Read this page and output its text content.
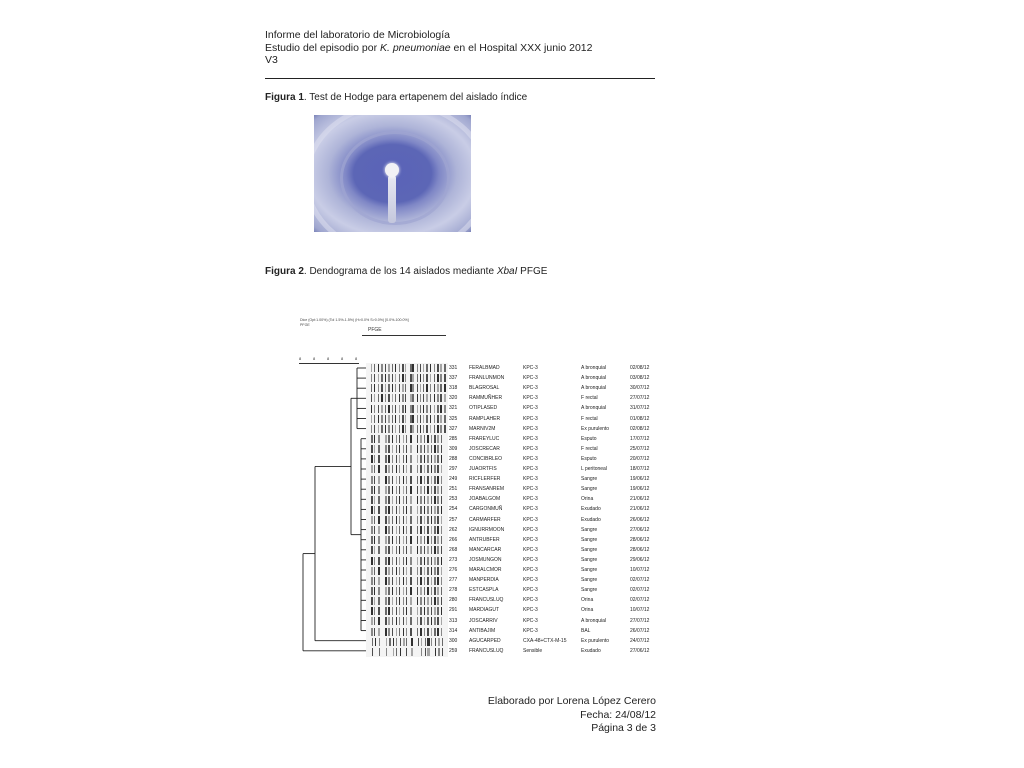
Informe del laboratorio de Microbiología
Estudio del episodio por K. pneumoniae en el Hospital XXX junio 2012
V3
Figura 1. Test de Hodge para ertapenem del aislado índice
Figura 2. Dendograma de los 14 aislados mediante XbaI PFGE
Dice (Opt:1.00%) (Tol 1.5%-1.5%) (H>0.0% S>0.0%) [0.0%-100.0%]
PFGE
PFGE
8	8	8	8	8
331 FERALBMAD	KPC-3	A bronquial	02/08/12
337 FRANLUNMON	KPC-3	A bronquial	03/08/12
318 BLAGROSAL	KPC-3	A bronquial	30/07/12
320 RAMMUÑHER	KPC-3	F rectal	27/07/12
321 OTIPLASED	KPC-3	A bronquial	31/07/12
325 RAMPLAHER	KPC-3	F rectal	01/08/12
327 MARNIV2M	KPC-3	Ex purulento	02/08/12
285 FRAREYLUC	KPC-3	Esputo	17/07/12
309 JOSCRECAR	KPC-3	F rectal	25/07/12
288 CONCIBRLEO	KPC-3	Esputo	20/07/12
297 JUAORTFIS	KPC-3	L peritoneal	18/07/12
249 RICFLERFER	KPC-3	Sangre	19/06/12
251 FRANSANREM	KPC-3	Sangre	19/06/12
253 JOABALGOM	KPC-3	Orina	21/06/12
254 CARGONMUÑ	KPC-3	Exudado	21/06/12
257 CARMARFER	KPC-3	Exudado	26/06/12
262 IGNURRMOON	KPC-3	Sangre	27/06/12
266 ANTRUBFER	KPC-3	Sangre	28/06/12
268 MANCARCAR	KPC-3	Sangre	28/06/12
273 JOSMUNGON	KPC-3	Sangre	29/06/12
276 MARALCMOR	KPC-3	Sangre	10/07/12
277 MANPERDIA	KPC-3	Sangre	02/07/12
278 ESTCASPLA	KPC-3	Sangre	02/07/12
280 FRANCUSLUQ	KPC-3	Orina	02/07/12
291 MARDIAGUT	KPC-3	Orina	10/07/12
313 JOSCARRIV	KPC-3	A bronquial	27/07/12
314 ANTIBAJIM	KPC-3	BAL	26/07/12
300 AGUCARPED	CXA-48+CTX-M-15	Ex purulento	24/07/12
259 FRANCUSLUQ	Sensible	Exudado	27/06/12
Elaborado por Lorena López Cerero
Fecha: 24/08/12
Página 3 de 3
